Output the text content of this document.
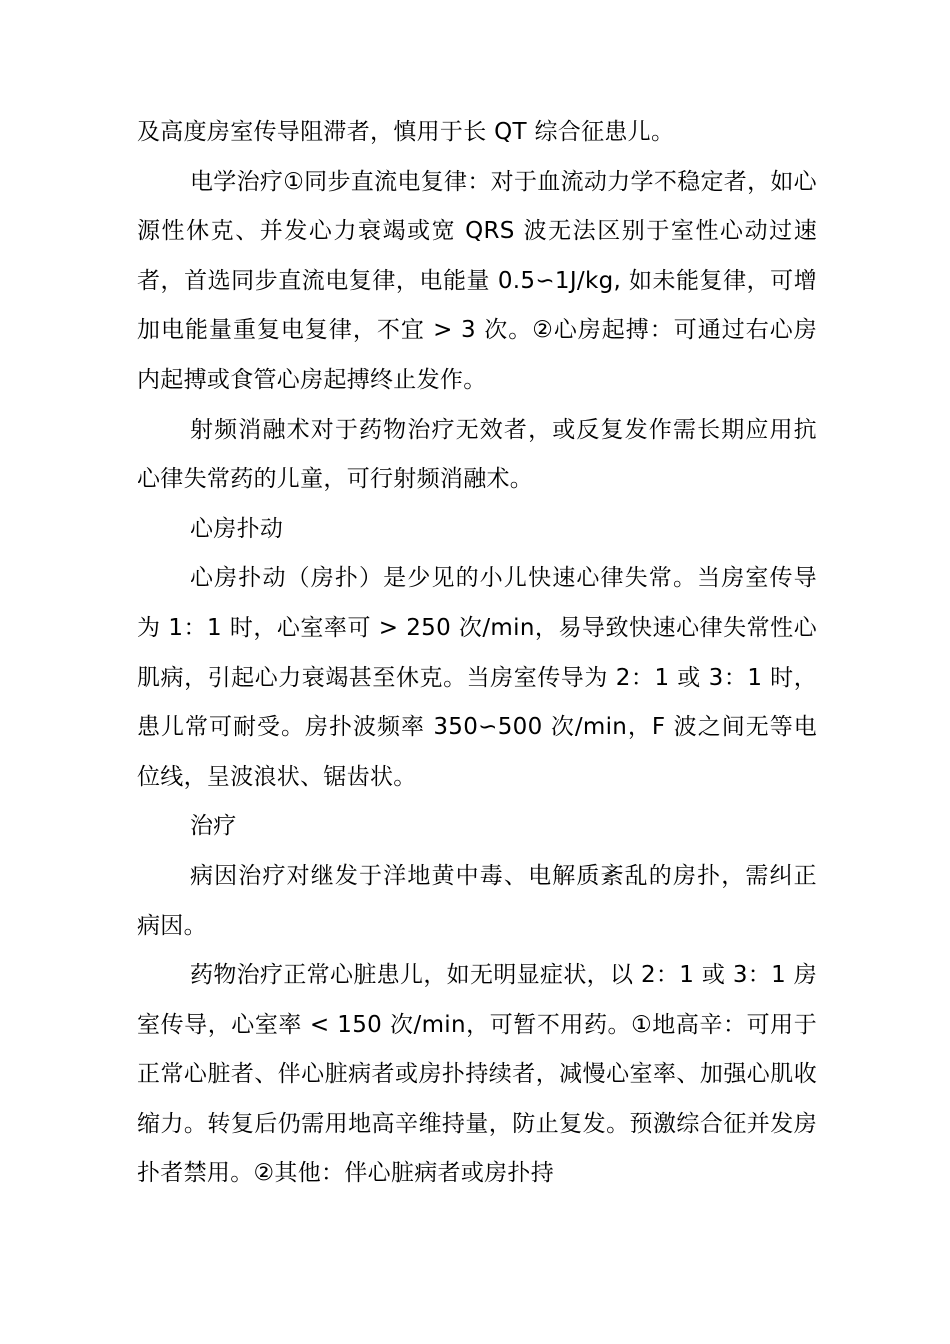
及高度房室传导阻滞者，慎用于长 QT 综合征患儿。

电学治疗①同步直流电复律：对于血流动力学不稳定者，如心源性休克、并发心力衰竭或宽 QRS 波无法区别于室性心动过速者，首选同步直流电复律，电能量 0.5∽1J/kg, 如未能复律，可增加电能量重复电复律，不宜 > 3 次。②心房起搏：可通过右心房内起搏或食管心房起搏终止发作。

射频消融术对于药物治疗无效者，或反复发作需长期应用抗心律失常药的儿童，可行射频消融术。

心房扑动

心房扑动（房扑）是少见的小儿快速心律失常。当房室传导为 1：1 时，心室率可 > 250 次/min，易导致快速心律失常性心肌病，引起心力衰竭甚至休克。当房室传导为 2：1 或 3：1 时，患儿常可耐受。房扑波频率 350∽500 次/min，F 波之间无等电位线，呈波浪状、锯齿状。

治疗

病因治疗对继发于洋地黄中毒、电解质紊乱的房扑，需纠正病因。

药物治疗正常心脏患儿，如无明显症状，以 2：1 或 3：1 房室传导，心室率 < 150 次/min，可暂不用药。①地高辛：可用于正常心脏者、伴心脏病者或房扑持续者，减慢心室率、加强心肌收缩力。转复后仍需用地高辛维持量，防止复发。预激综合征并发房扑者禁用。②其他：伴心脏病者或房扑持
